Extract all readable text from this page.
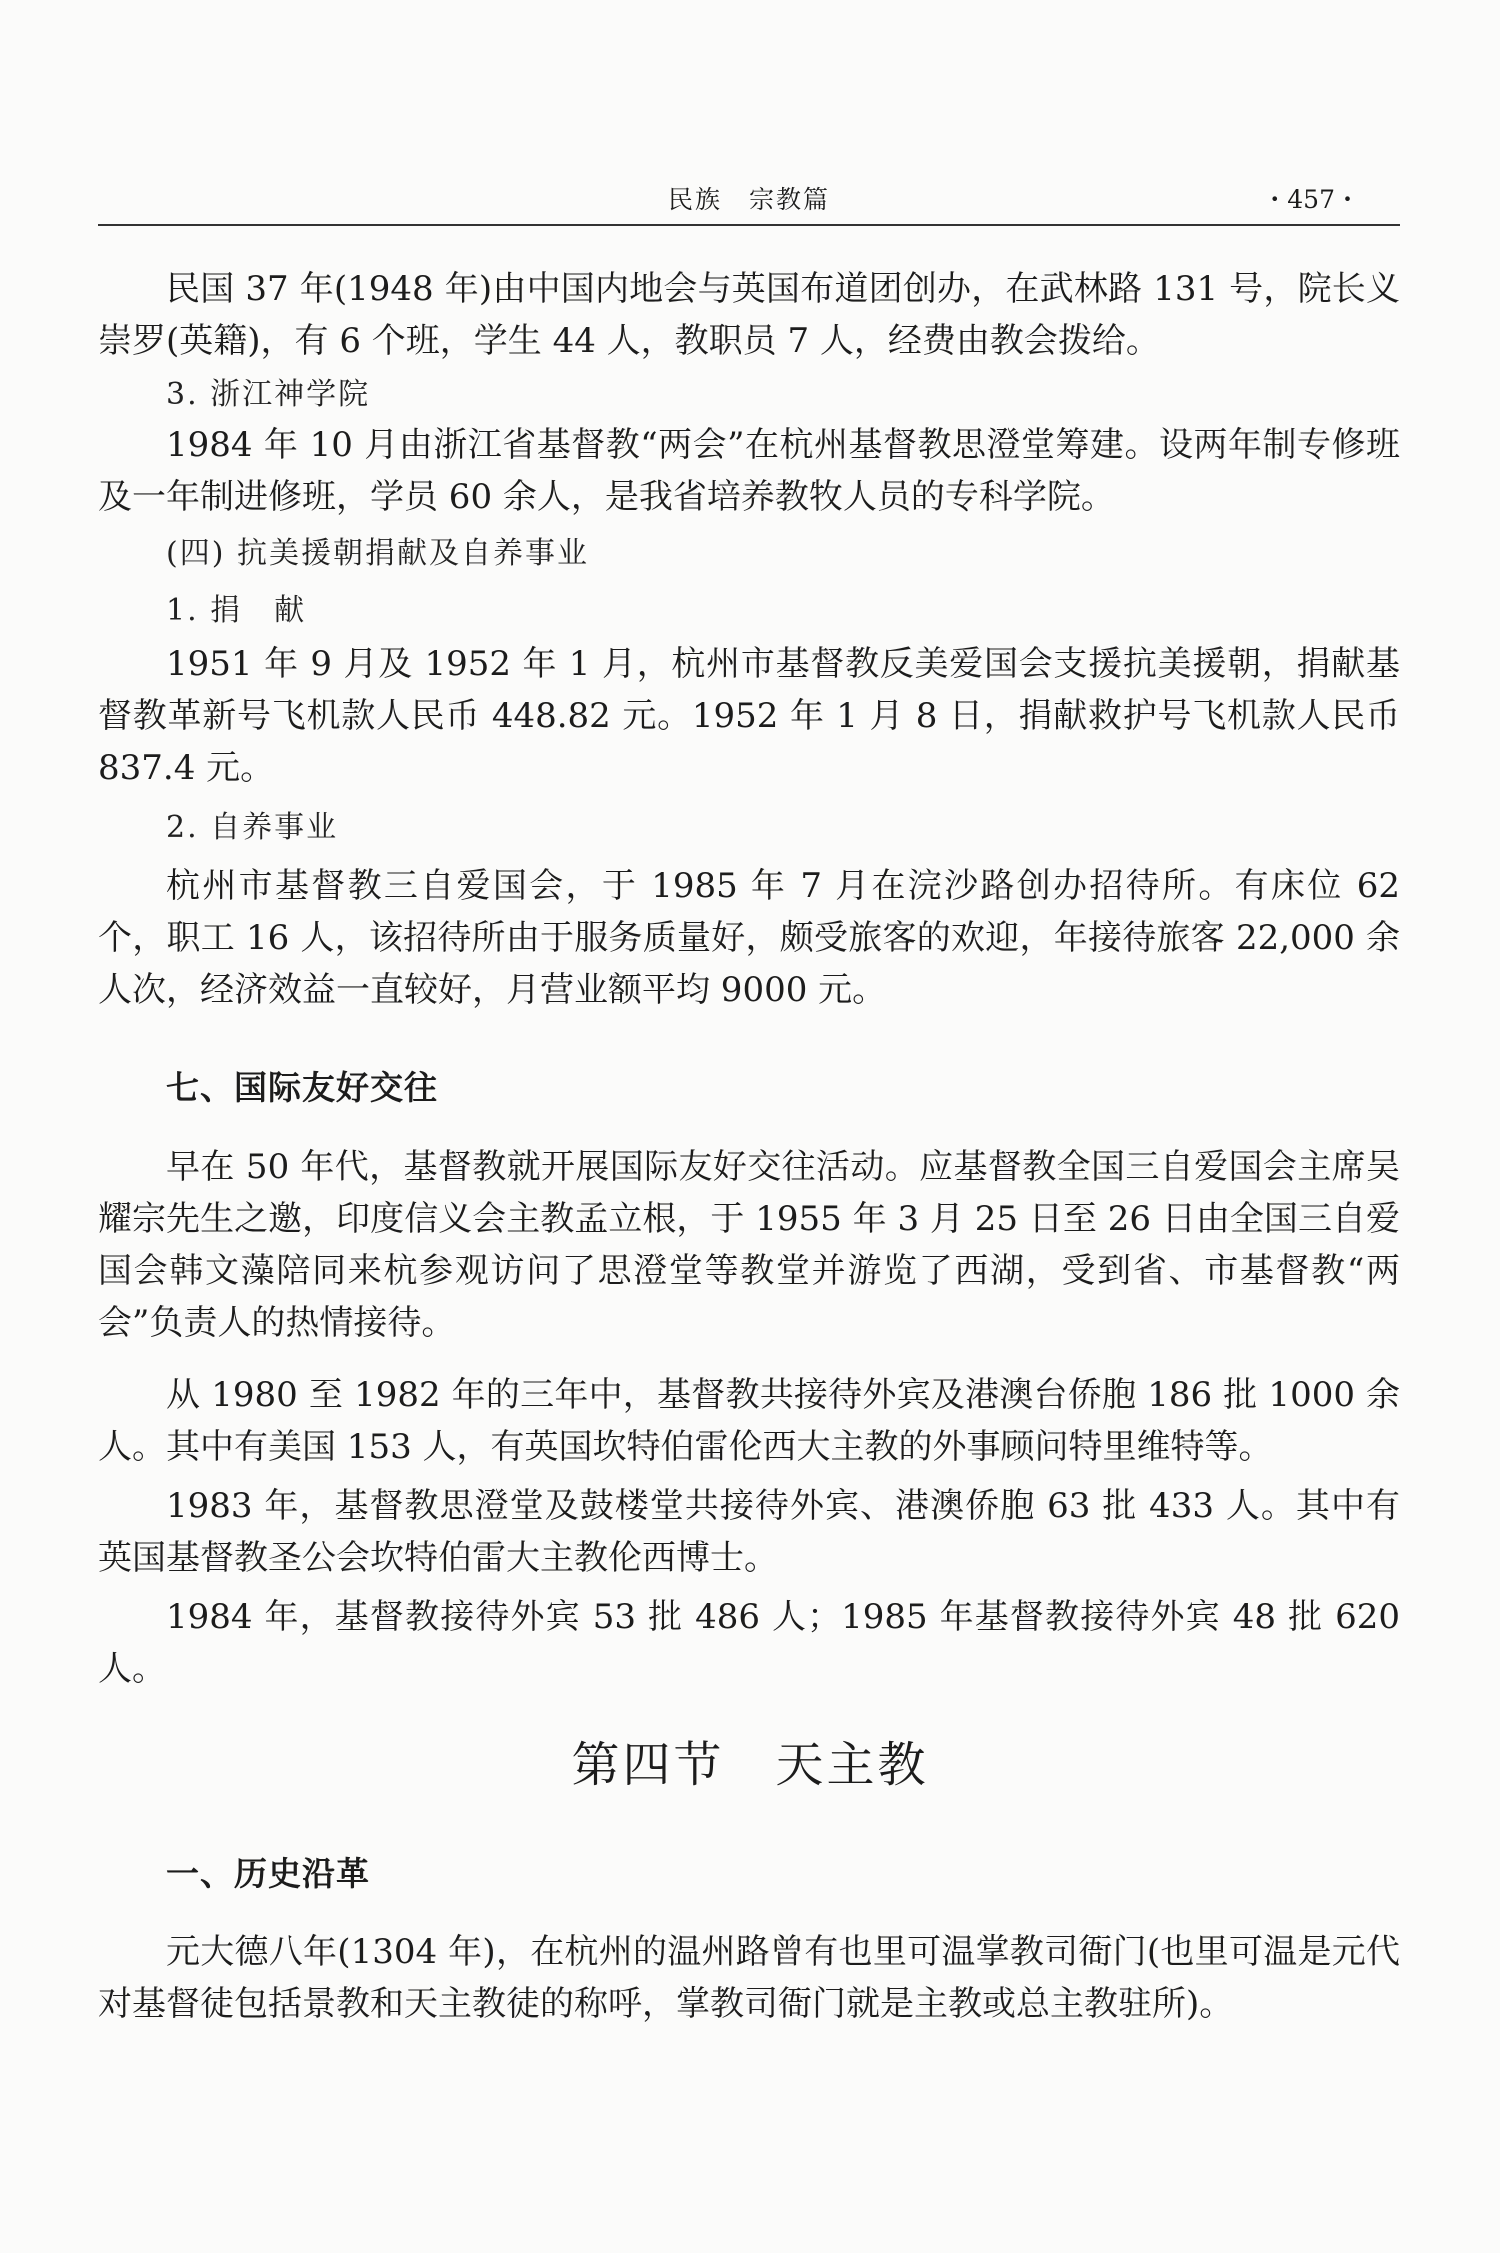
民族　宗教篇	・457・
民国 37 年(1948 年)由中国内地会与英国布道团创办，在武林路 131 号，院长义崇罗(英籍)，有 6 个班，学生 44 人，教职员 7 人，经费由教会拨给。
3. 浙江神学院
1984 年 10 月由浙江省基督教“两会”在杭州基督教思澄堂筹建。设两年制专修班及一年制进修班，学员 60 余人，是我省培养教牧人员的专科学院。
(四) 抗美援朝捐献及自养事业
1. 捐　献
1951 年 9 月及 1952 年 1 月，杭州市基督教反美爱国会支援抗美援朝，捐献基督教革新号飞机款人民币 448.82 元。1952 年 1 月 8 日，捐献救护号飞机款人民币 837.4 元。
2. 自养事业
杭州市基督教三自爱国会，于 1985 年 7 月在浣沙路创办招待所。有床位 62 个，职工 16 人，该招待所由于服务质量好，颇受旅客的欢迎，年接待旅客 22,000 余人次，经济效益一直较好，月营业额平均 9000 元。
七、国际友好交往
早在 50 年代，基督教就开展国际友好交往活动。应基督教全国三自爱国会主席吴耀宗先生之邀，印度信义会主教孟立根，于 1955 年 3 月 25 日至 26 日由全国三自爱国会韩文藻陪同来杭参观访问了思澄堂等教堂并游览了西湖，受到省、市基督教“两会”负责人的热情接待。
从 1980 至 1982 年的三年中，基督教共接待外宾及港澳台侨胞 186 批 1000 余人。其中有美国 153 人，有英国坎特伯雷伦西大主教的外事顾问特里维特等。
1983 年，基督教思澄堂及鼓楼堂共接待外宾、港澳侨胞 63 批 433 人。其中有英国基督教圣公会坎特伯雷大主教伦西博士。
1984 年，基督教接待外宾 53 批 486 人；1985 年基督教接待外宾 48 批 620 人。
第四节　天主教
一、历史沿革
元大德八年(1304 年)，在杭州的温州路曾有也里可温掌教司衙门(也里可温是元代对基督徒包括景教和天主教徒的称呼，掌教司衙门就是主教或总主教驻所)。
